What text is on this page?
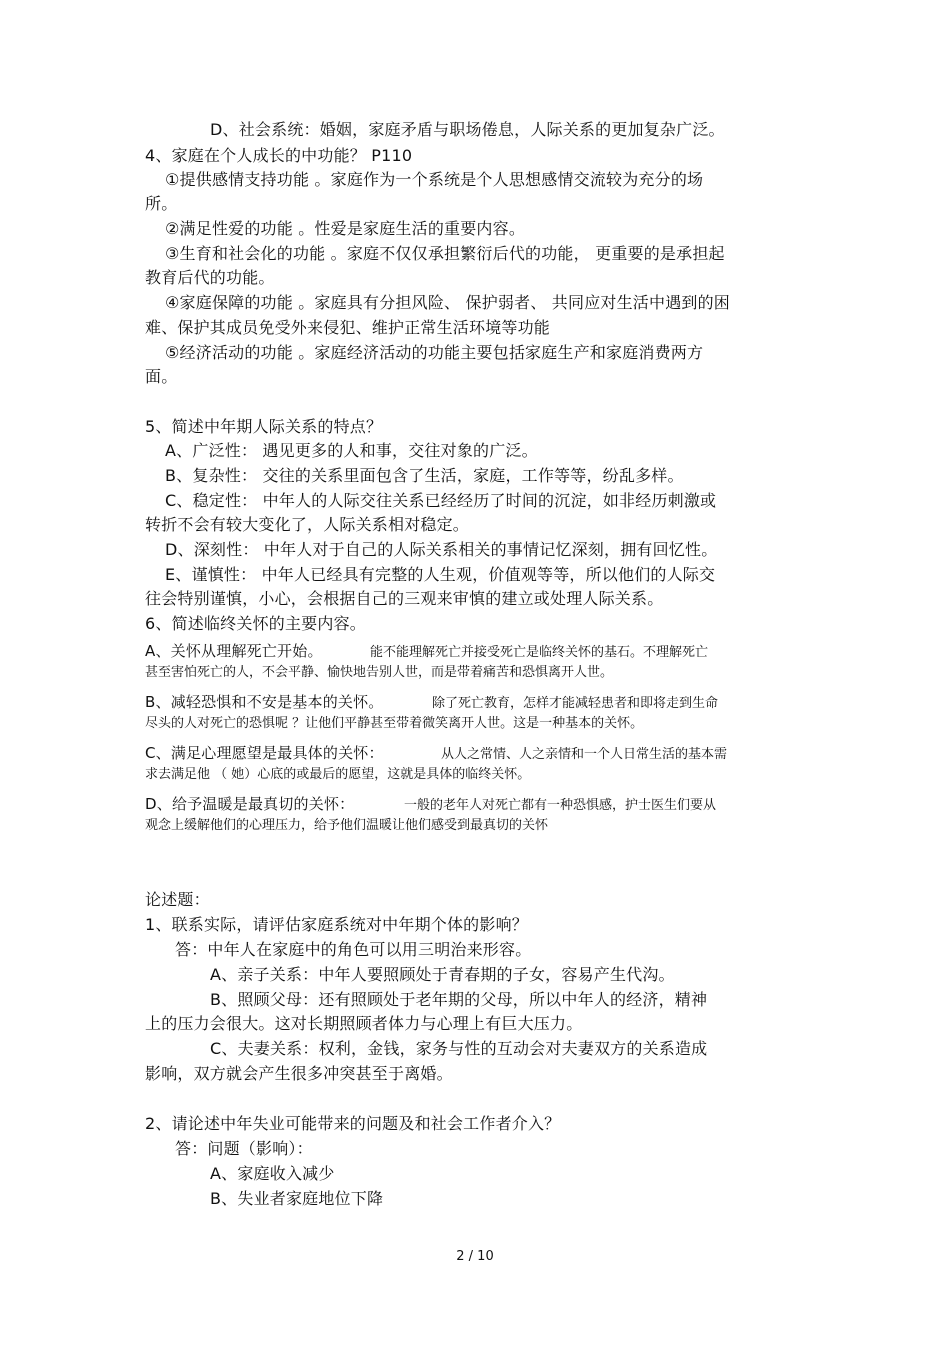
D、社会系统：婚姻，家庭矛盾与职场倦息，人际关系的更加复杂广泛。
4、家庭在个人成长的中功能？ P110
①提供感情支持功能 。家庭作为一个系统是个人思想感情交流较为充分的场
所。
②满足性爱的功能 。性爱是家庭生活的重要内容。
③生育和社会化的功能 。家庭不仅仅承担繁衍后代的功能， 更重要的是承担起
教育后代的功能。
④家庭保障的功能 。家庭具有分担风险、 保护弱者、 共同应对生活中遇到的困
难、保护其成员免受外来侵犯、维护正常生活环境等功能
⑤经济活动的功能 。家庭经济活动的功能主要包括家庭生产和家庭消费两方
面。
5、简述中年期人际关系的特点？
A、广泛性： 遇见更多的人和事，交往对象的广泛。
B、复杂性： 交往的关系里面包含了生活，家庭，工作等等，纷乱多样。
C、稳定性： 中年人的人际交往关系已经经历了时间的沉淀，如非经历刺激或
转折不会有较大变化了，人际关系相对稳定。
D、深刻性： 中年人对于自己的人际关系相关的事情记忆深刻，拥有回忆性。
E、谨慎性： 中年人已经具有完整的人生观，价值观等等，所以他们的人际交
往会特别谨慎，小心，会根据自己的三观来审慎的建立或处理人际关系。
6、简述临终关怀的主要内容。
A、关怀从理解死亡开始。	能不能理解死亡并接受死亡是临终关怀的基石。不理解死亡
甚至害怕死亡的人，不会平静、愉快地告别人世，而是带着痛苦和恐惧离开人世。
B、减轻恐惧和不安是基本的关怀。	除了死亡教育，怎样才能减轻患者和即将走到生命
尽头的人对死亡的恐惧呢 ？让他们平静甚至带着微笑离开人世。这是一种基本的关怀。
C、满足心理愿望是最具体的关怀：	从人之常情、人之亲情和一个人日常生活的基本需
求去满足他 （ 她）心底的或最后的愿望，这就是具体的临终关怀。
D、给予温暖是最真切的关怀：	一般的老年人对死亡都有一种恐惧感，护士医生们要从
观念上缓解他们的心理压力，给予他们温暖让他们感受到最真切的关怀
论述题：
1、联系实际，请评估家庭系统对中年期个体的影响？
答：中年人在家庭中的角色可以用三明治来形容。
A、亲子关系：中年人要照顾处于青春期的子女，容易产生代沟。
B、照顾父母：还有照顾处于老年期的父母，所以中年人的经济，精神
上的压力会很大。这对长期照顾者体力与心理上有巨大压力。
C、夫妻关系：权利，金钱，家务与性的互动会对夫妻双方的关系造成
影响，双方就会产生很多冲突甚至于离婚。
2、请论述中年失业可能带来的问题及和社会工作者介入？
答：问题（影响）：
A、家庭收入减少
B、失业者家庭地位下降
2 / 10
